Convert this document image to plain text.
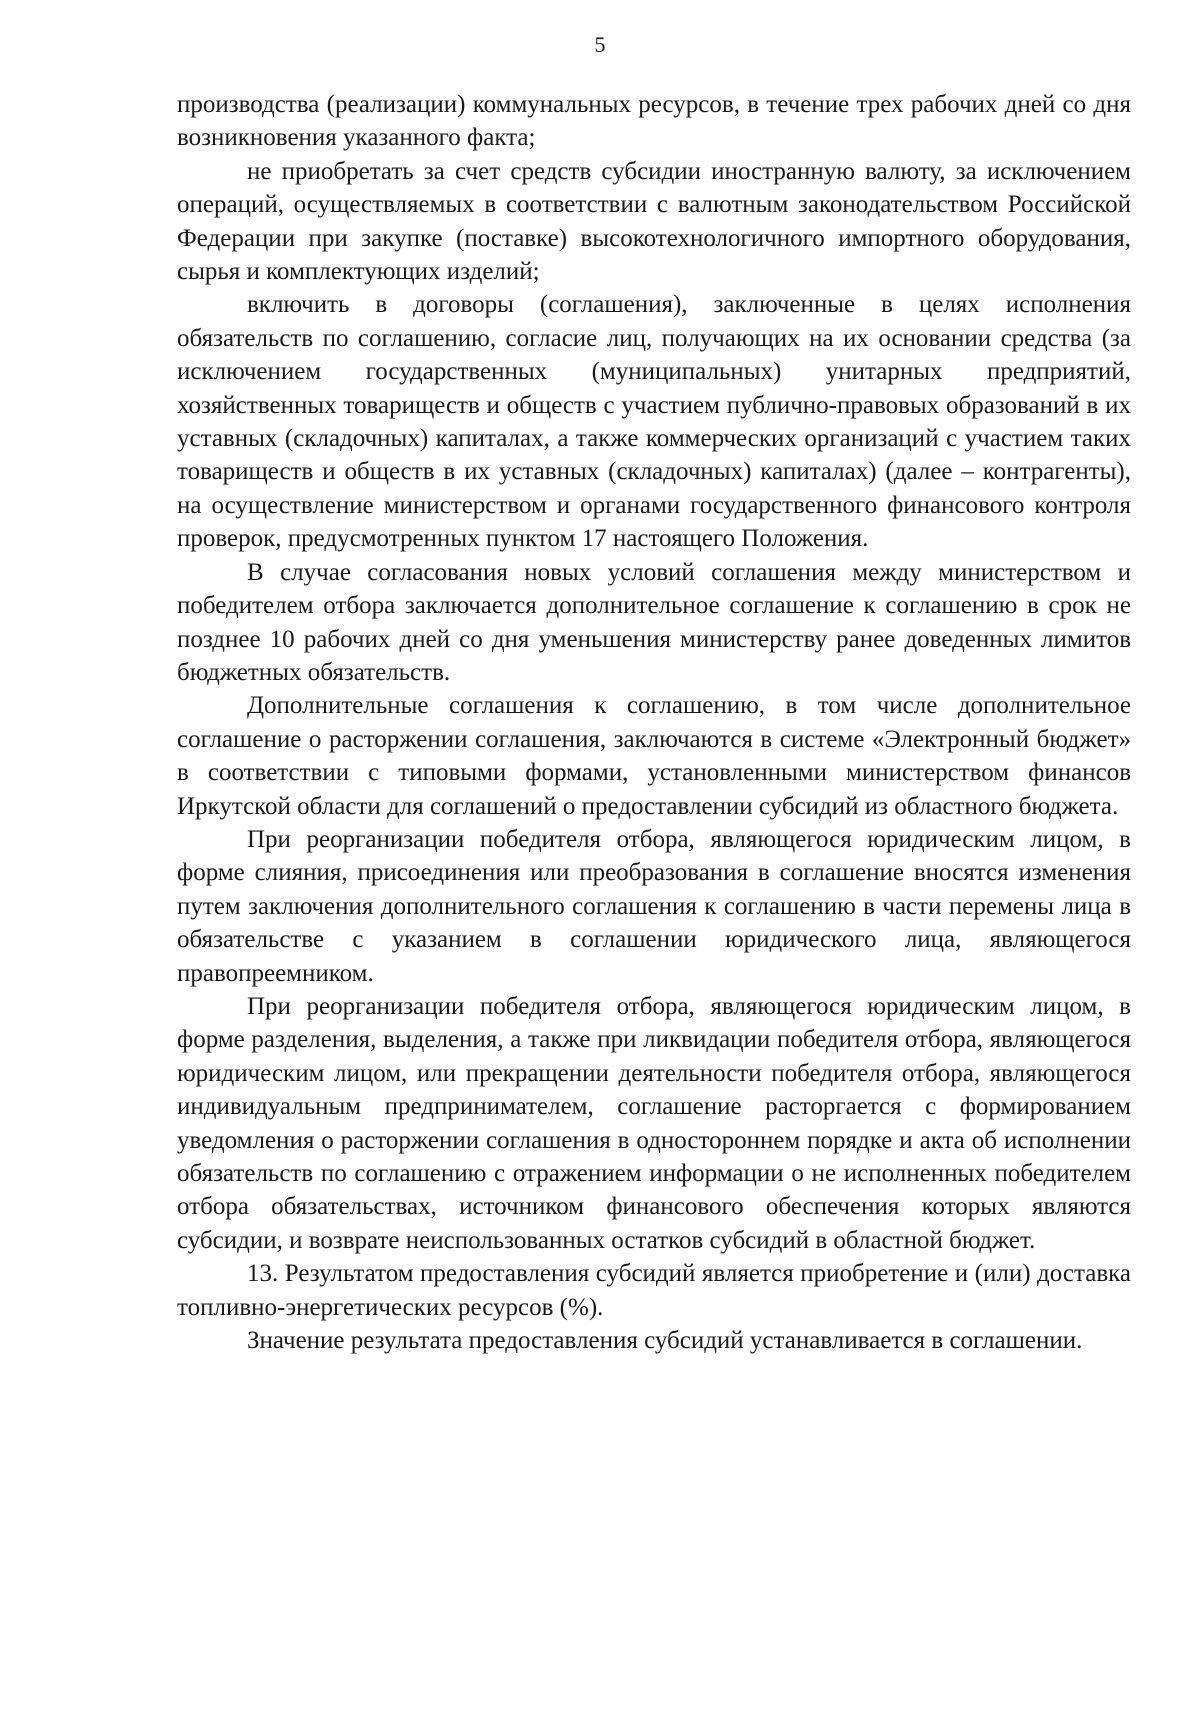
5

производства (реализации) коммунальных ресурсов, в течение трех рабочих дней со дня возникновения указанного факта;

не приобретать за счет средств субсидии иностранную валюту, за исключением операций, осуществляемых в соответствии с валютным законодательством Российской Федерации при закупке (поставке) высокотехнологичного импортного оборудования, сырья и комплектующих изделий;

включить в договоры (соглашения), заключенные в целях исполнения обязательств по соглашению, согласие лиц, получающих на их основании средства (за исключением государственных (муниципальных) унитарных предприятий, хозяйственных товариществ и обществ с участием публично-правовых образований в их уставных (складочных) капиталах, а также коммерческих организаций с участием таких товариществ и обществ в их уставных (складочных) капиталах) (далее – контрагенты), на осуществление министерством и органами государственного финансового контроля проверок, предусмотренных пунктом 17 настоящего Положения.

В случае согласования новых условий соглашения между министерством и победителем отбора заключается дополнительное соглашение к соглашению в срок не позднее 10 рабочих дней со дня уменьшения министерству ранее доведенных лимитов бюджетных обязательств.

Дополнительные соглашения к соглашению, в том числе дополнительное соглашение о расторжении соглашения, заключаются в системе «Электронный бюджет» в соответствии с типовыми формами, установленными министерством финансов Иркутской области для соглашений о предоставлении субсидий из областного бюджета.

При реорганизации победителя отбора, являющегося юридическим лицом, в форме слияния, присоединения или преобразования в соглашение вносятся изменения путем заключения дополнительного соглашения к соглашению в части перемены лица в обязательстве с указанием в соглашении юридического лица, являющегося правопреемником.

При реорганизации победителя отбора, являющегося юридическим лицом, в форме разделения, выделения, а также при ликвидации победителя отбора, являющегося юридическим лицом, или прекращении деятельности победителя отбора, являющегося индивидуальным предпринимателем, соглашение расторгается с формированием уведомления о расторжении соглашения в одностороннем порядке и акта об исполнении обязательств по соглашению с отражением информации о не исполненных победителем отбора обязательствах, источником финансового обеспечения которых являются субсидии, и возврате неиспользованных остатков субсидий в областной бюджет.

13. Результатом предоставления субсидий является приобретение и (или) доставка топливно-энергетических ресурсов (%).

Значение результата предоставления субсидий устанавливается в соглашении.
